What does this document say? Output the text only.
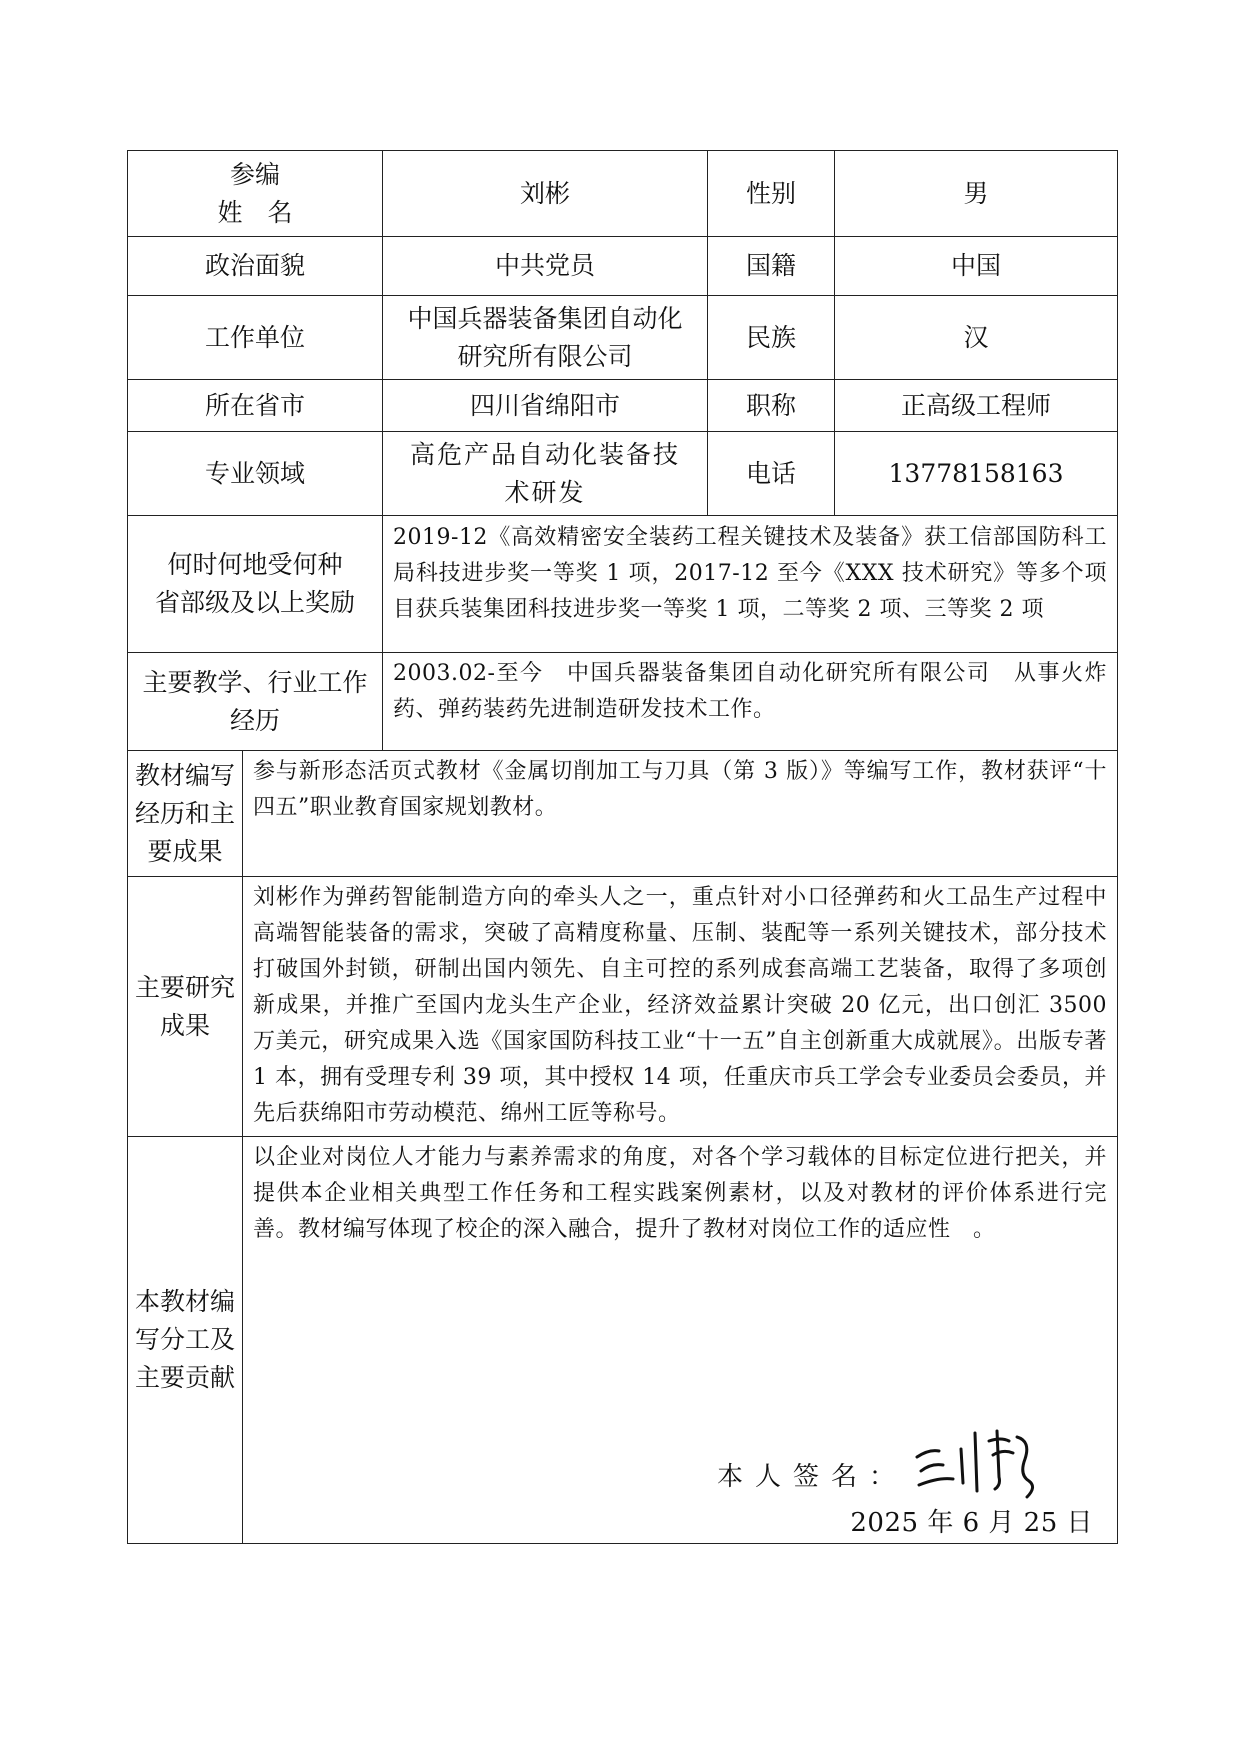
参编
姓　名		刘彬	性别	男
政治面貌		中共党员	国籍	中国
工作单位		中国兵器装备集团自动化研究所有限公司	民族	汉
所在省市		四川省绵阳市	职称	正高级工程师
专业领域		高危产品自动化装备技术研发	电话	13778158163

何时何地受何种
省部级及以上奖励		2019-12《高效精密安全装药工程关键技术及装备》获工信部国防科工局科技进步奖一等奖 1 项，2017-12 至今《XXX 技术研究》等多个项目获兵装集团科技进步奖一等奖 1 项，二等奖 2 项、三等奖 2 项		
主要教学、行业工作经历		2003.02-至今　中国兵器装备集团自动化研究所有限公司　从事火炸药、弹药装药先进制造研发技术工作。		
教材编写经历和主要成果	参与新形态活页式教材《金属切削加工与刀具（第 3 版）》等编写工作，教材获评“十四五”职业教育国家规划教材。			

主要研究
成果	刘彬作为弹药智能制造方向的牵头人之一，重点针对小口径弹药和火工品生产过程中高端智能装备的需求，突破了高精度称量、压制、装配等一系列关键技术，部分技术打破国外封锁，研制出国内领先、自主可控的系列成套高端工艺装备，取得了多项创新成果，并推广至国内龙头生产企业，经济效益累计突破 20 亿元，出口创汇 3500 万美元，研究成果入选《国家国防科技工业“十一五”自主创新重大成就展》。出版专著 1 本，拥有受理专利 39 项，其中授权 14 项，任重庆市兵工学会专业委员会委员，并先后获绵阳市劳动模范、绵州工匠等称号。			
本教材编写分工及主要贡献	以企业对岗位人才能力与素养需求的角度，对各个学习载体的目标定位进行把关，并提供本企业相关典型工作任务和工程实践案例素材，以及对教材的评价体系进行完善。教材编写体现了校企的深入融合，提升了教材对岗位工作的适应性　。
本人签名：
2025 年 6 月 25 日			
